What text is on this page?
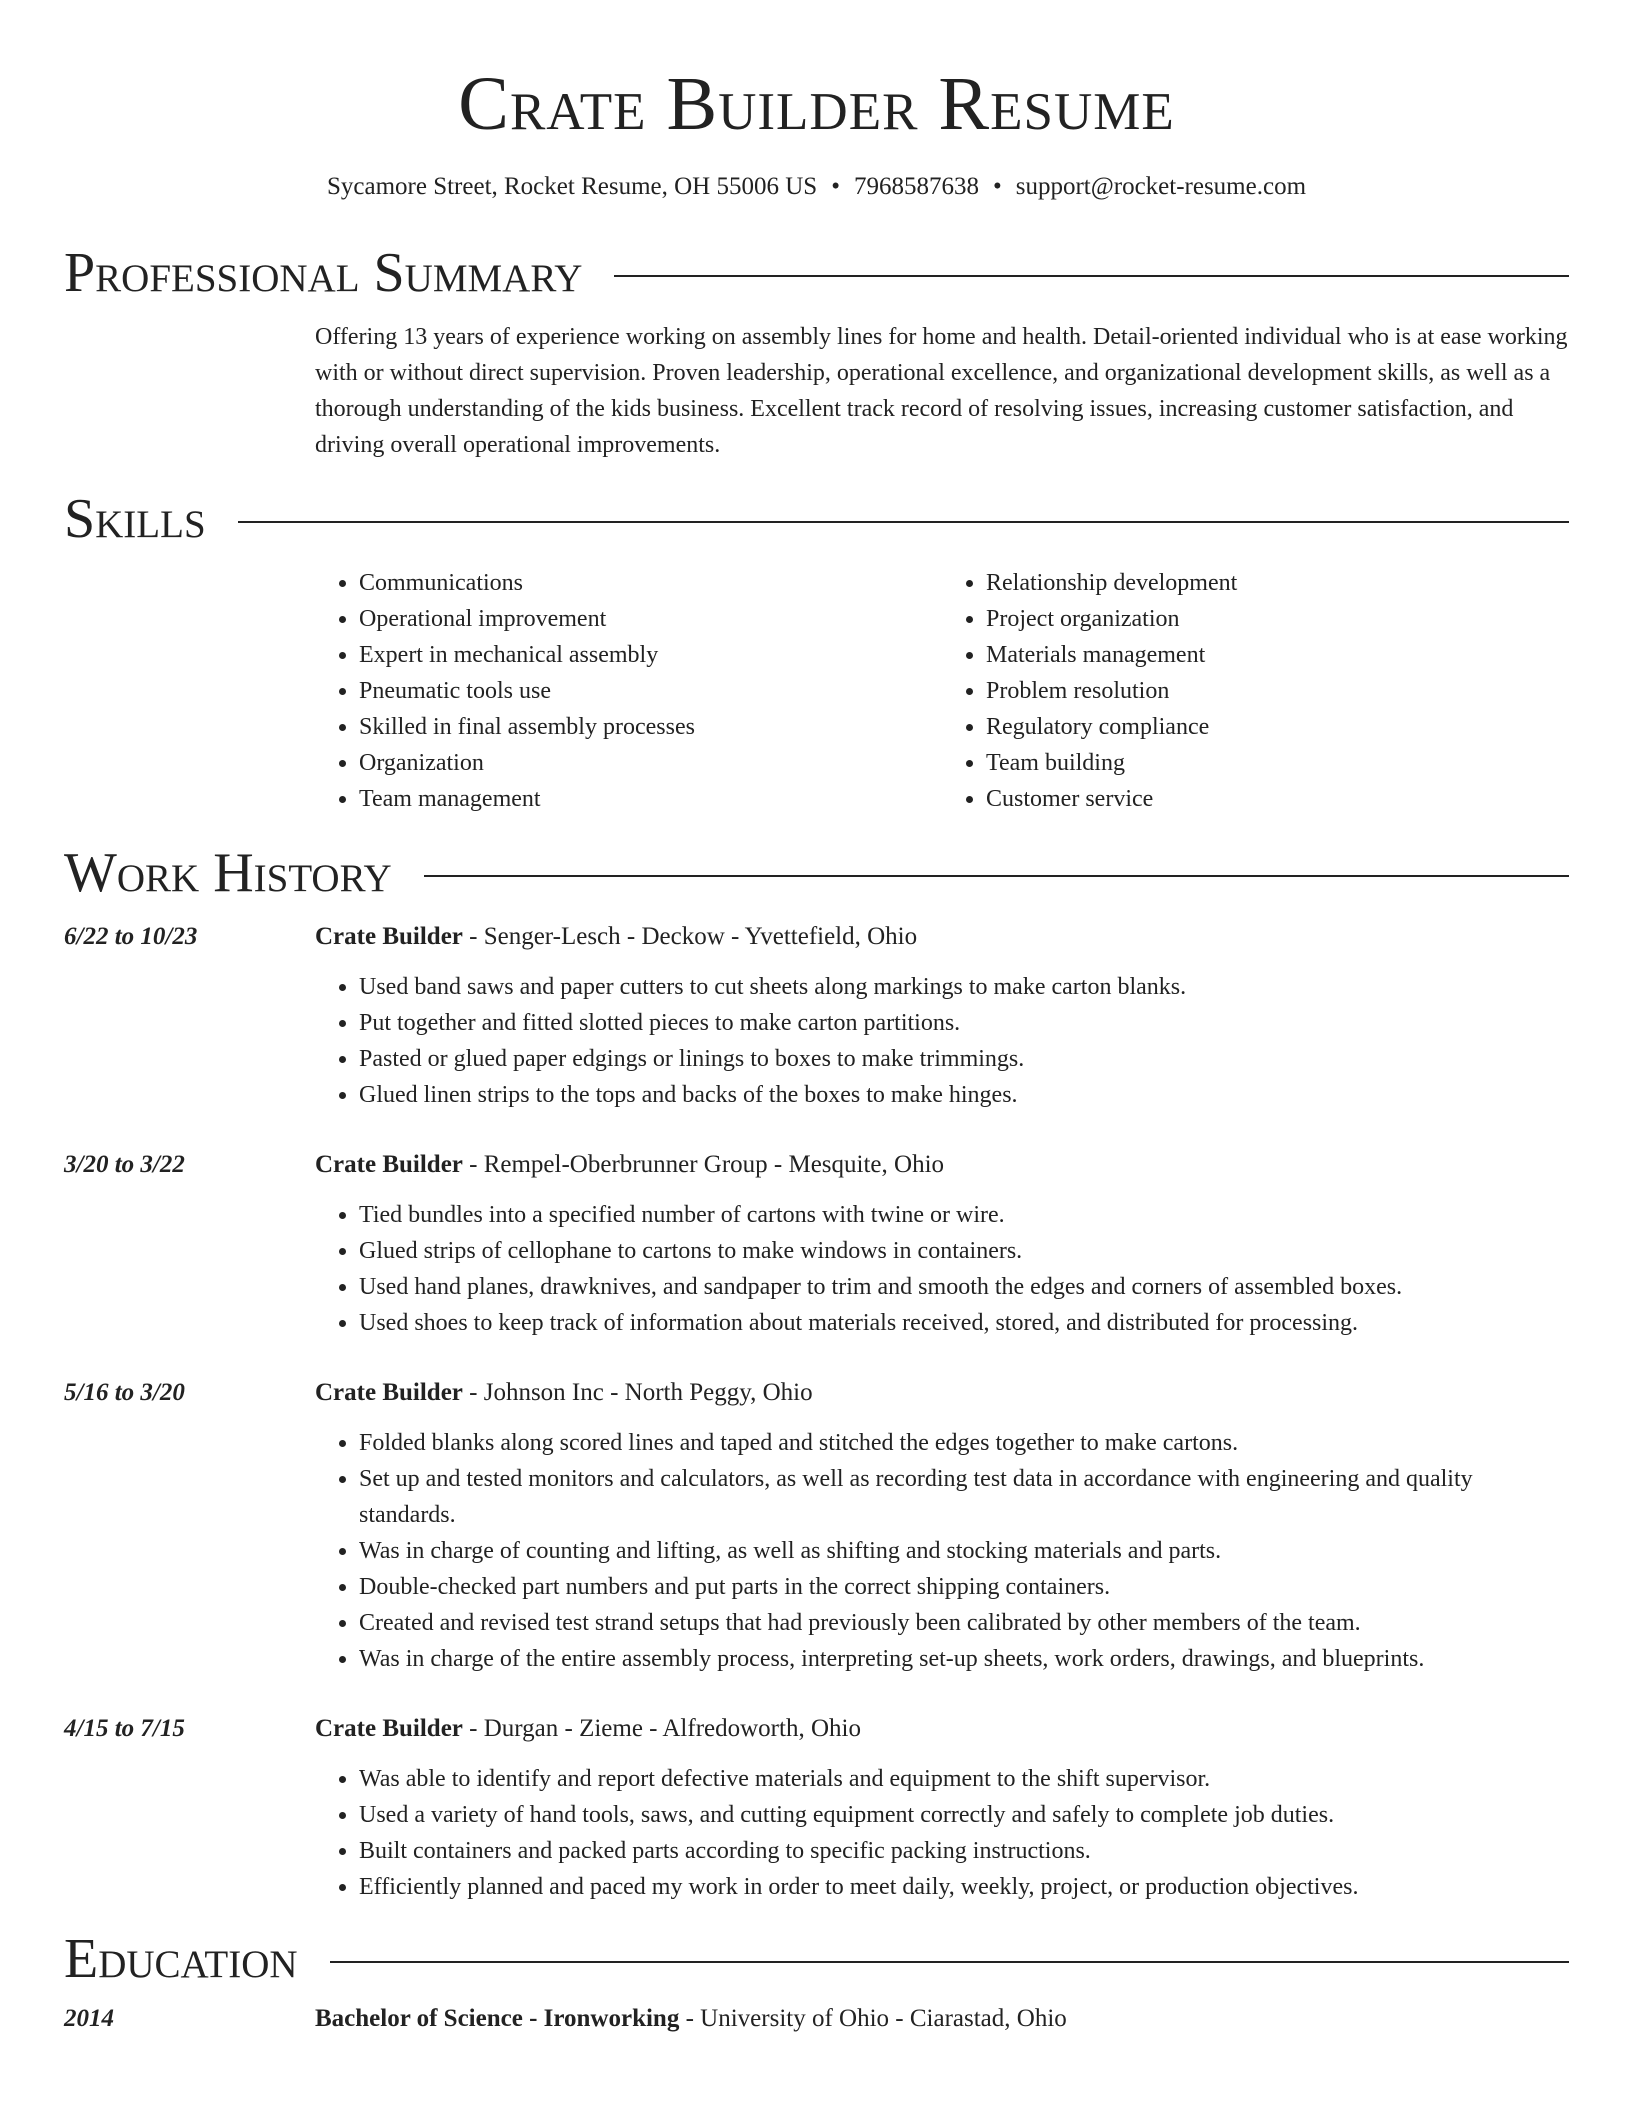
Crate Builder Resume
Sycamore Street, Rocket Resume, OH 55006 US • 7968587638 • support@rocket-resume.com
Professional Summary

Offering 13 years of experience working on assembly lines for home and health. Detail-oriented individual who is at ease working with or without direct supervision. Proven leadership, operational excellence, and organizational development skills, as well as a thorough understanding of the kids business. Excellent track record of resolving issues, increasing customer satisfaction, and driving overall operational improvements.

Skills
• Communications
• Operational improvement
• Expert in mechanical assembly
• Pneumatic tools use
• Skilled in final assembly processes
• Organization
• Team management
• Relationship development
• Project organization
• Materials management
• Problem resolution
• Regulatory compliance
• Team building
• Customer service
Work History
6/22 to 10/23	Crate Builder - Senger-Lesch - Deckow - Yvettefield, Ohio
• Used band saws and paper cutters to cut sheets along markings to make carton blanks.
• Put together and fitted slotted pieces to make carton partitions.
• Pasted or glued paper edgings or linings to boxes to make trimmings.
• Glued linen strips to the tops and backs of the boxes to make hinges.
3/20 to 3/22	Crate Builder - Rempel-Oberbrunner Group - Mesquite, Ohio
• Tied bundles into a specified number of cartons with twine or wire.
• Glued strips of cellophane to cartons to make windows in containers.
• Used hand planes, drawknives, and sandpaper to trim and smooth the edges and corners of assembled boxes.
• Used shoes to keep track of information about materials received, stored, and distributed for processing.
5/16 to 3/20	Crate Builder - Johnson Inc - North Peggy, Ohio
• Folded blanks along scored lines and taped and stitched the edges together to make cartons.
• Set up and tested monitors and calculators, as well as recording test data in accordance with engineering and quality standards.
• Was in charge of counting and lifting, as well as shifting and stocking materials and parts.
• Double-checked part numbers and put parts in the correct shipping containers.
• Created and revised test strand setups that had previously been calibrated by other members of the team.
• Was in charge of the entire assembly process, interpreting set-up sheets, work orders, drawings, and blueprints.
4/15 to 7/15	Crate Builder - Durgan - Zieme - Alfredoworth, Ohio
• Was able to identify and report defective materials and equipment to the shift supervisor.
• Used a variety of hand tools, saws, and cutting equipment correctly and safely to complete job duties.
• Built containers and packed parts according to specific packing instructions.
• Efficiently planned and paced my work in order to meet daily, weekly, project, or production objectives.
Education
2014	Bachelor of Science - Ironworking - University of Ohio - Ciarastad, Ohio
